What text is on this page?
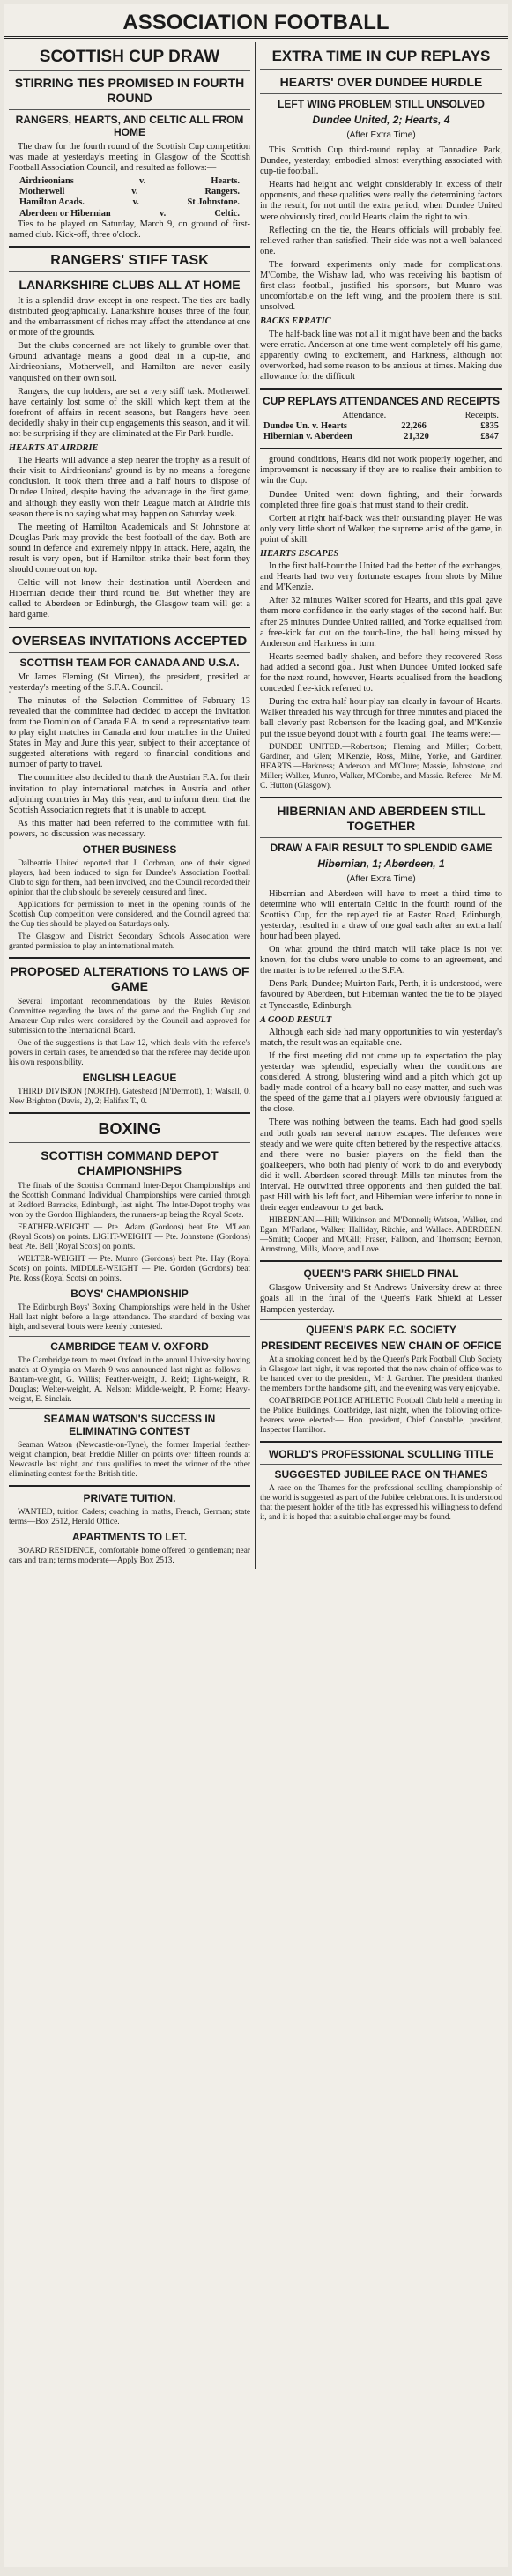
ASSOCIATION FOOTBALL
SCOTTISH CUP DRAW
STIRRING TIES PROMISED IN FOURTH ROUND
RANGERS, HEARTS, AND CELTIC ALL FROM HOME

The draw for the fourth round of the Scottish Cup competition was made at yesterday's meeting in Glasgow of the Scottish Football Association Council, and resulted as follows:—

Airdrieonians	v.	Hearts.
Motherwell	v.	Rangers.
Hamilton Acads.	v.	St Johnstone.
Aberdeen or Hibernian	v.	Celtic.

Ties to be played on Saturday, March 9, on ground of first-named club. Kick-off, three o'clock.

RANGERS' STIFF TASK
LANARKSHIRE CLUBS ALL AT HOME

It is a splendid draw except in one respect. The ties are badly distributed geographically. Lanarkshire houses three of the four, and the embarrassment of riches may affect the attendance at one or more of the grounds.

But the clubs concerned are not likely to grumble over that. Ground advantage means a good deal in a cup-tie, and Airdrieonians, Motherwell, and Hamilton are never easily vanquished on their own soil.

Rangers, the cup holders, are set a very stiff task. Motherwell have certainly lost some of the skill which kept them at the forefront of affairs in recent seasons, but Rangers have been decidedly shaky in their cup engagements this season, and it will not be surprising if they are eliminated at the Fir Park hurdle.

HEARTS AT AIRDRIE

The Hearts will advance a step nearer the trophy as a result of their visit to Airdrieonians' ground is by no means a foregone conclusion. It took them three and a half hours to dispose of Dundee United, despite having the advantage in the first game, and although they easily won their League match at Airdrie this season there is no saying what may happen on Saturday week.

The meeting of Hamilton Academicals and St Johnstone at Douglas Park may provide the best football of the day. Both are sound in defence and extremely nippy in attack. Here, again, the result is very open, but if Hamilton strike their best form they should come out on top.

Celtic will not know their destination until Aberdeen and Hibernian decide their third round tie. But whether they are called to Aberdeen or Edinburgh, the Glasgow team will get a hard game.

OVERSEAS INVITATIONS ACCEPTED
SCOTTISH TEAM FOR CANADA AND U.S.A.

Mr James Fleming (St Mirren), the president, presided at yesterday's meeting of the S.F.A. Council.

The minutes of the Selection Committee of February 13 revealed that the committee had decided to accept the invitation from the Dominion of Canada F.A. to send a representative team to play eight matches in Canada and four matches in the United States in May and June this year, subject to their acceptance of suggested alterations with regard to financial conditions and number of party to travel.

The committee also decided to thank the Austrian F.A. for their invitation to play international matches in Austria and other adjoining countries in May this year, and to inform them that the Scottish Association regrets that it is unable to accept.

As this matter had been referred to the committee with full powers, no discussion was necessary.

OTHER BUSINESS

Dalbeattie United reported that J. Corbman, one of their signed players, had been induced to sign for Dundee's Association Football Club to sign for them, had been involved, and the Council recorded their opinion that the club should be severely censured and fined.

Applications for permission to meet in the opening rounds of the Scottish Cup competition were considered, and the Council agreed that the Cup ties should be played on Saturdays only.

The Glasgow and District Secondary Schools Association were granted permission to play an international match.

PROPOSED ALTERATIONS TO LAWS OF GAME

Several important recommendations by the Rules Revision Committee regarding the laws of the game and the English Cup and Amateur Cup rules were considered by the Council and approved for submission to the International Board.

One of the suggestions is that Law 12, which deals with the referee's powers in certain cases, be amended so that the referee may decide upon his own responsibility.

ENGLISH LEAGUE

THIRD DIVISION (NORTH). Gateshead (M'Dermott), 1; Walsall, 0. New Brighton (Davis, 2), 2; Halifax T., 0.

BOXING
SCOTTISH COMMAND DEPOT CHAMPIONSHIPS

The finals of the Scottish Command Inter-Depot Championships and the Scottish Command Individual Championships were carried through at Redford Barracks, Edinburgh, last night. The Inter-Depot trophy was won by the Gordon Highlanders, the runners-up being the Royal Scots.

FEATHER-WEIGHT — Pte. Adam (Gordons) beat Pte. M'Lean (Royal Scots) on points. LIGHT-WEIGHT — Pte. Johnstone (Gordons) beat Pte. Bell (Royal Scots) on points.

WELTER-WEIGHT — Pte. Munro (Gordons) beat Pte. Hay (Royal Scots) on points. MIDDLE-WEIGHT — Pte. Gordon (Gordons) beat Pte. Ross (Royal Scots) on points.

BOYS' CHAMPIONSHIP

The Edinburgh Boys' Boxing Championships were held in the Usher Hall last night before a large attendance. The standard of boxing was high, and several bouts were keenly contested.

CAMBRIDGE TEAM V. OXFORD

The Cambridge team to meet Oxford in the annual University boxing match at Olympia on March 9 was announced last night as follows:— Bantam-weight, G. Willis; Feather-weight, J. Reid; Light-weight, R. Douglas; Welter-weight, A. Nelson; Middle-weight, P. Horne; Heavy-weight, E. Sinclair.

SEAMAN WATSON'S SUCCESS IN ELIMINATING CONTEST

Seaman Watson (Newcastle-on-Tyne), the former Imperial feather-weight champion, beat Freddie Miller on points over fifteen rounds at Newcastle last night, and thus qualifies to meet the winner of the other eliminating contest for the British title.

PRIVATE TUITION.

WANTED, tuition Cadets; coaching in maths, French, German; state terms—Box 2512, Herald Office.

APARTMENTS TO LET.

BOARD RESIDENCE, comfortable home offered to gentleman; near cars and train; terms moderate—Apply Box 2513.

EXTRA TIME IN CUP REPLAYS
HEARTS' OVER DUNDEE HURDLE
LEFT WING PROBLEM STILL UNSOLVED
Dundee United, 2; Hearts, 4
(After Extra Time)

This Scottish Cup third-round replay at Tannadice Park, Dundee, yesterday, embodied almost everything associated with cup-tie football.

Hearts had height and weight considerably in excess of their opponents, and these qualities were really the determining factors in the result, for not until the extra period, when Dundee United were obviously tired, could Hearts claim the right to win.

Reflecting on the tie, the Hearts officials will probably feel relieved rather than satisfied. Their side was not a well-balanced one.

The forward experiments only made for complications. M'Combe, the Wishaw lad, who was receiving his baptism of first-class football, justified his sponsors, but Munro was uncomfortable on the left wing, and the problem there is still unsolved.

BACKS ERRATIC

The half-back line was not all it might have been and the backs were erratic. Anderson at one time went completely off his game, apparently owing to excitement, and Harkness, although not overworked, had some reason to be anxious at times. Making due allowance for the difficult

CUP REPLAYS ATTENDANCES AND RECEIPTS
Attendance.	Receipts.
Dundee Un. v. Hearts	22,266	£835
Hibernian v. Aberdeen	21,320	£847

ground conditions, Hearts did not work properly together, and improvement is necessary if they are to realise their ambition to win the Cup.

Dundee United went down fighting, and their forwards completed three fine goals that must stand to their credit.

Corbett at right half-back was their outstanding player. He was only very little short of Walker, the supreme artist of the game, in point of skill.

HEARTS ESCAPES

In the first half-hour the United had the better of the exchanges, and Hearts had two very fortunate escapes from shots by Milne and M'Kenzie.

After 32 minutes Walker scored for Hearts, and this goal gave them more confidence in the early stages of the second half. But after 25 minutes Dundee United rallied, and Yorke equalised from a free-kick far out on the touch-line, the ball being missed by Anderson and Harkness in turn.

Hearts seemed badly shaken, and before they recovered Ross had added a second goal. Just when Dundee United looked safe for the next round, however, Hearts equalised from the headlong conceded free-kick referred to.

During the extra half-hour play ran clearly in favour of Hearts. Walker threaded his way through for three minutes and placed the ball cleverly past Robertson for the leading goal, and M'Kenzie put the issue beyond doubt with a fourth goal. The teams were:—

DUNDEE UNITED.—Robertson; Fleming and Miller; Corbett, Gardiner, and Glen; M'Kenzie, Ross, Milne, Yorke, and Gardiner. HEARTS.—Harkness; Anderson and M'Clure; Massie, Johnstone, and Miller; Walker, Munro, Walker, M'Combe, and Massie. Referee—Mr M. C. Hutton (Glasgow).

HIBERNIAN AND ABERDEEN STILL TOGETHER
DRAW A FAIR RESULT TO SPLENDID GAME
Hibernian, 1; Aberdeen, 1
(After Extra Time)

Hibernian and Aberdeen will have to meet a third time to determine who will entertain Celtic in the fourth round of the Scottish Cup, for the replayed tie at Easter Road, Edinburgh, yesterday, resulted in a draw of one goal each after an extra half hour had been played.

On what ground the third match will take place is not yet known, for the clubs were unable to come to an agreement, and the matter is to be referred to the S.F.A.

Dens Park, Dundee; Muirton Park, Perth, it is understood, were favoured by Aberdeen, but Hibernian wanted the tie to be played at Tynecastle, Edinburgh.

A GOOD RESULT

Although each side had many opportunities to win yesterday's match, the result was an equitable one.

If the first meeting did not come up to expectation the play yesterday was splendid, especially when the conditions are considered. A strong, blustering wind and a pitch which got up badly made control of a heavy ball no easy matter, and such was the speed of the game that all players were obviously fatigued at the close.

There was nothing between the teams. Each had good spells and both goals ran several narrow escapes. The defences were steady and we were quite often bettered by the respective attacks, and there were no busier players on the field than the goalkeepers, who both had plenty of work to do and everybody did it well. Aberdeen scored through Mills ten minutes from the interval. He outwitted three opponents and then guided the ball past Hill with his left foot, and Hibernian were inferior to none in their eager endeavour to get back.

HIBERNIAN.—Hill; Wilkinson and M'Donnell; Watson, Walker, and Egan; M'Farlane, Walker, Halliday, Ritchie, and Wallace. ABERDEEN.—Smith; Cooper and M'Gill; Fraser, Falloon, and Thomson; Beynon, Armstrong, Mills, Moore, and Love.

QUEEN'S PARK SHIELD FINAL

Glasgow University and St Andrews University drew at three goals all in the final of the Queen's Park Shield at Lesser Hampden yesterday.

QUEEN'S PARK F.C. SOCIETY
PRESIDENT RECEIVES NEW CHAIN OF OFFICE

At a smoking concert held by the Queen's Park Football Club Society in Glasgow last night, it was reported that the new chain of office was to be handed over to the president, Mr J. Gardner. The president thanked the members for the handsome gift, and the evening was very enjoyable.

COATBRIDGE POLICE ATHLETIC Football Club held a meeting in the Police Buildings, Coatbridge, last night, when the following office-bearers were elected:— Hon. president, Chief Constable; president, Inspector Hamilton.

WORLD'S PROFESSIONAL SCULLING TITLE
SUGGESTED JUBILEE RACE ON THAMES

A race on the Thames for the professional sculling championship of the world is suggested as part of the Jubilee celebrations. It is understood that the present holder of the title has expressed his willingness to defend it, and it is hoped that a suitable challenger may be found.
